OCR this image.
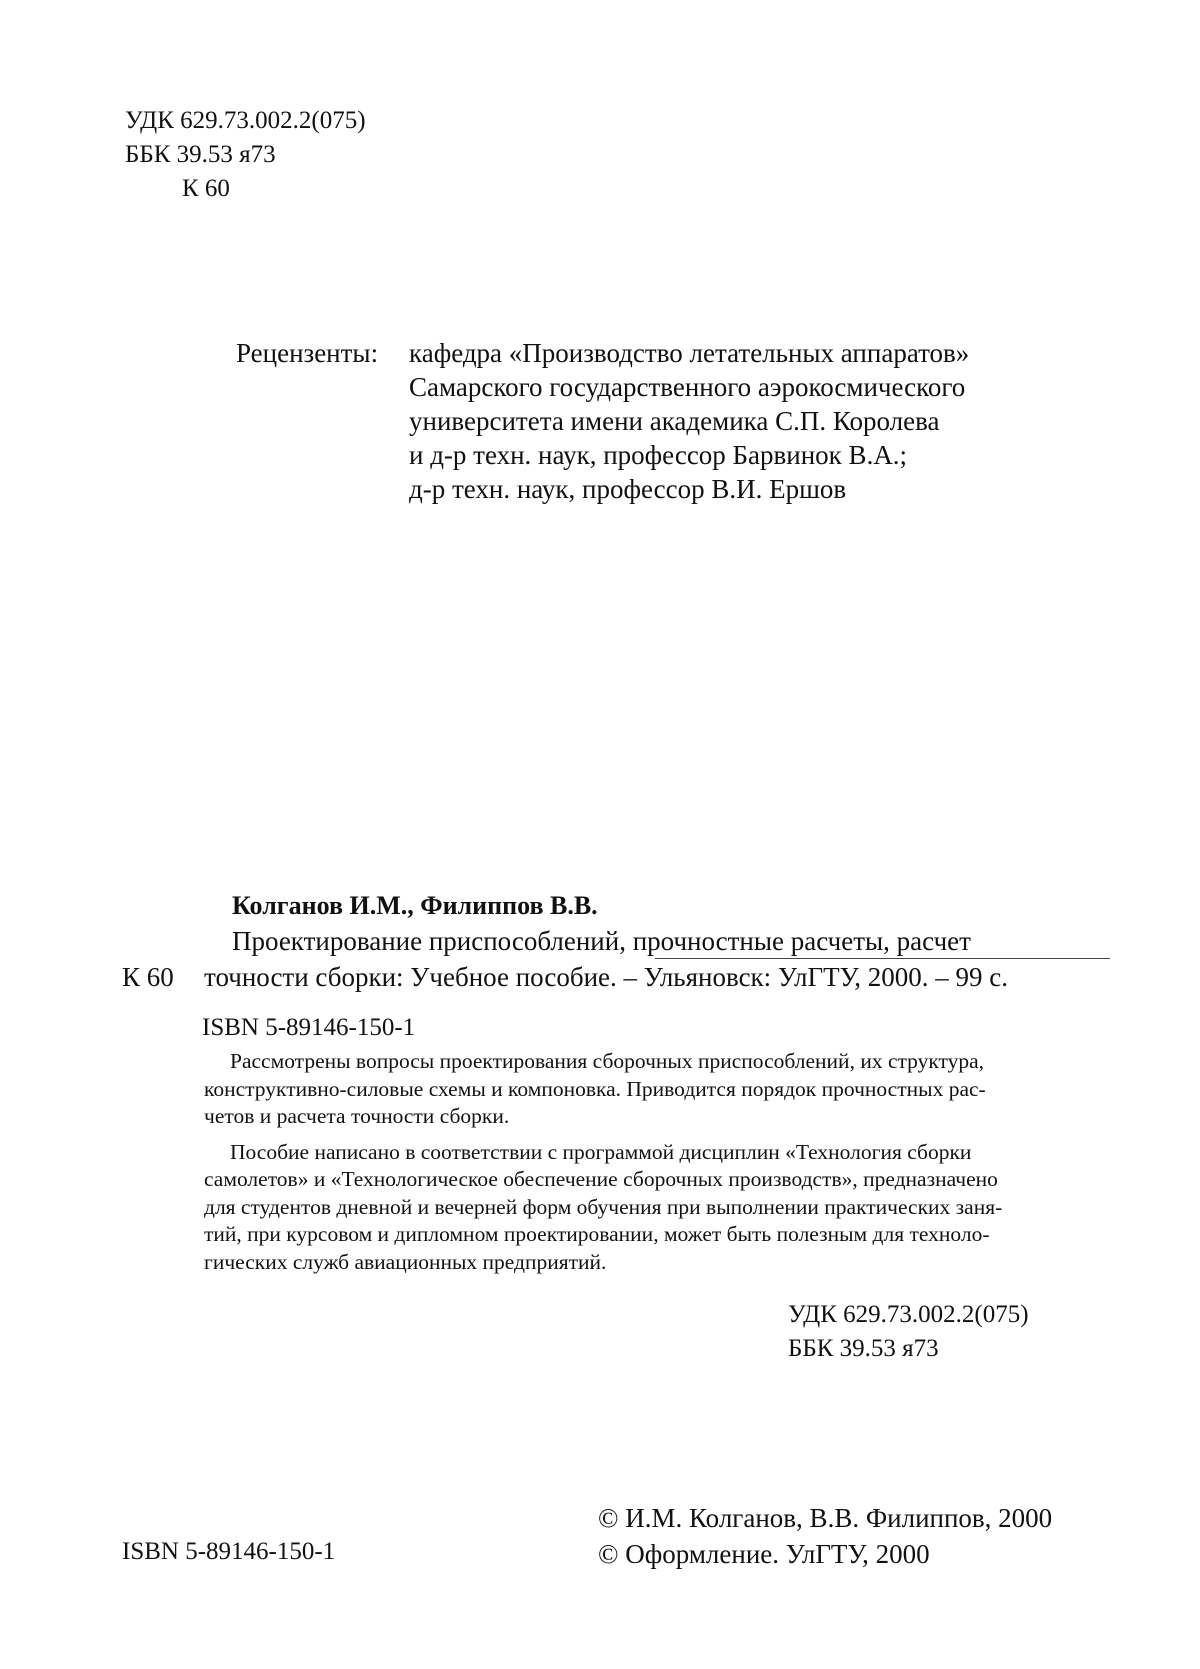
УДК 629.73.002.2(075)
ББК 39.53 я73
К 60
Рецензенты: кафедра «Производство летательных аппаратов»
Самарского государственного аэрокосмического
университета имени академика С.П. Королева
и д-р техн. наук, профессор Барвинок В.А.;
д-р техн. наук, профессор В.И. Ершов
Колганов И.М., Филиппов В.В.
Проектирование приспособлений, прочностные расчеты, расчет
К 60 точности сборки: Учебное пособие. – Ульяновск: УлГТУ, 2000. – 99 с.
ISBN 5-89146-150-1
Рассмотрены вопросы проектирования сборочных приспособлений, их структура,
конструктивно-силовые схемы и компоновка. Приводится порядок прочностных рас-
четов и расчета точности сборки.
Пособие написано в соответствии с программой дисциплин «Технология сборки
самолетов» и «Технологическое обеспечение сборочных производств», предназначено
для студентов дневной и вечерней форм обучения при выполнении практических заня-
тий, при курсовом и дипломном проектировании, может быть полезным для техноло-
гических служб авиационных предприятий.
УДК 629.73.002.2(075)
ББК 39.53 я73
ISBN 5-89146-150-1
© И.М. Колганов, В.В. Филиппов, 2000
© Оформление. УлГТУ, 2000
